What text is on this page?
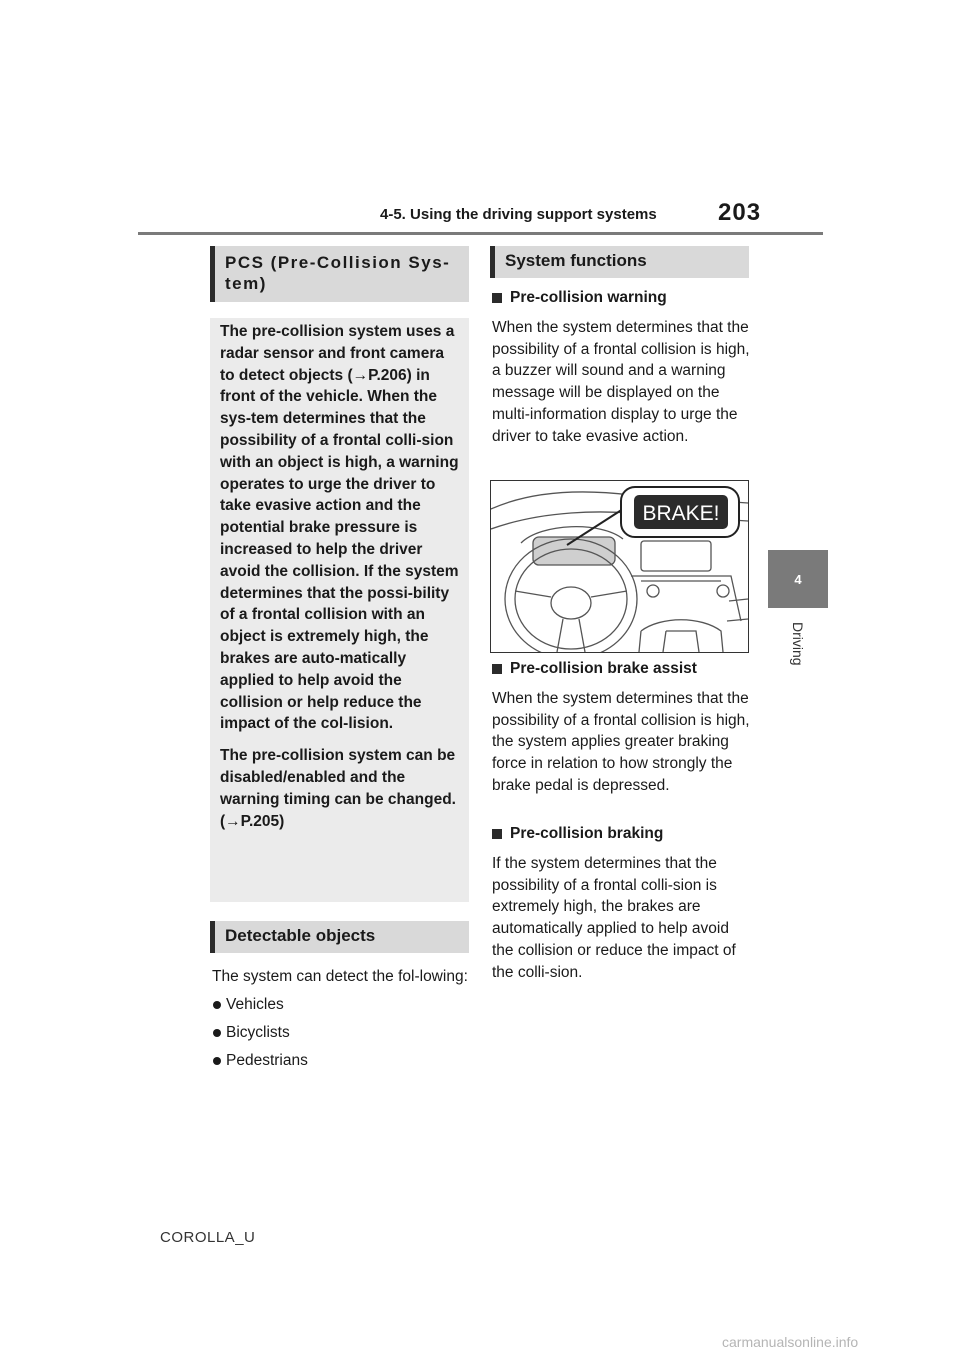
4-5. Using the driving support systems	203
4
Driving
PCS (Pre-Collision Sys-
tem)

The pre-collision system uses a radar sensor and front camera to detect objects (→P.206) in front of the vehicle. When the sys-tem determines that the possibility of a frontal colli-sion with an object is high, a warning operates to urge the driver to take evasive action and the potential brake pressure is increased to help the driver avoid the collision. If the system determines that the possi-bility of a frontal collision with an object is extremely high, the brakes are auto-matically applied to help avoid the collision or help reduce the impact of the col-lision.

The pre-collision system can be disabled/enabled and the warning timing can be changed. (→P.205)

Detectable objects

The system can detect the fol-lowing:

Vehicles
Bicyclists
Pedestrians
System functions
Pre-collision warning
When the system determines that the possibility of a frontal collision is high, a buzzer will sound and a warning message will be displayed on the multi-information display to urge the driver to take evasive action.
BRAKE!
Pre-collision brake assist
When the system determines that the possibility of a frontal collision is high, the system applies greater braking force in relation to how strongly the brake pedal is depressed.
Pre-collision braking
If the system determines that the possibility of a frontal colli-sion is extremely high, the brakes are automatically applied to help avoid the collision or reduce the impact of the colli-sion.
COROLLA_U
carmanualsonline.info
